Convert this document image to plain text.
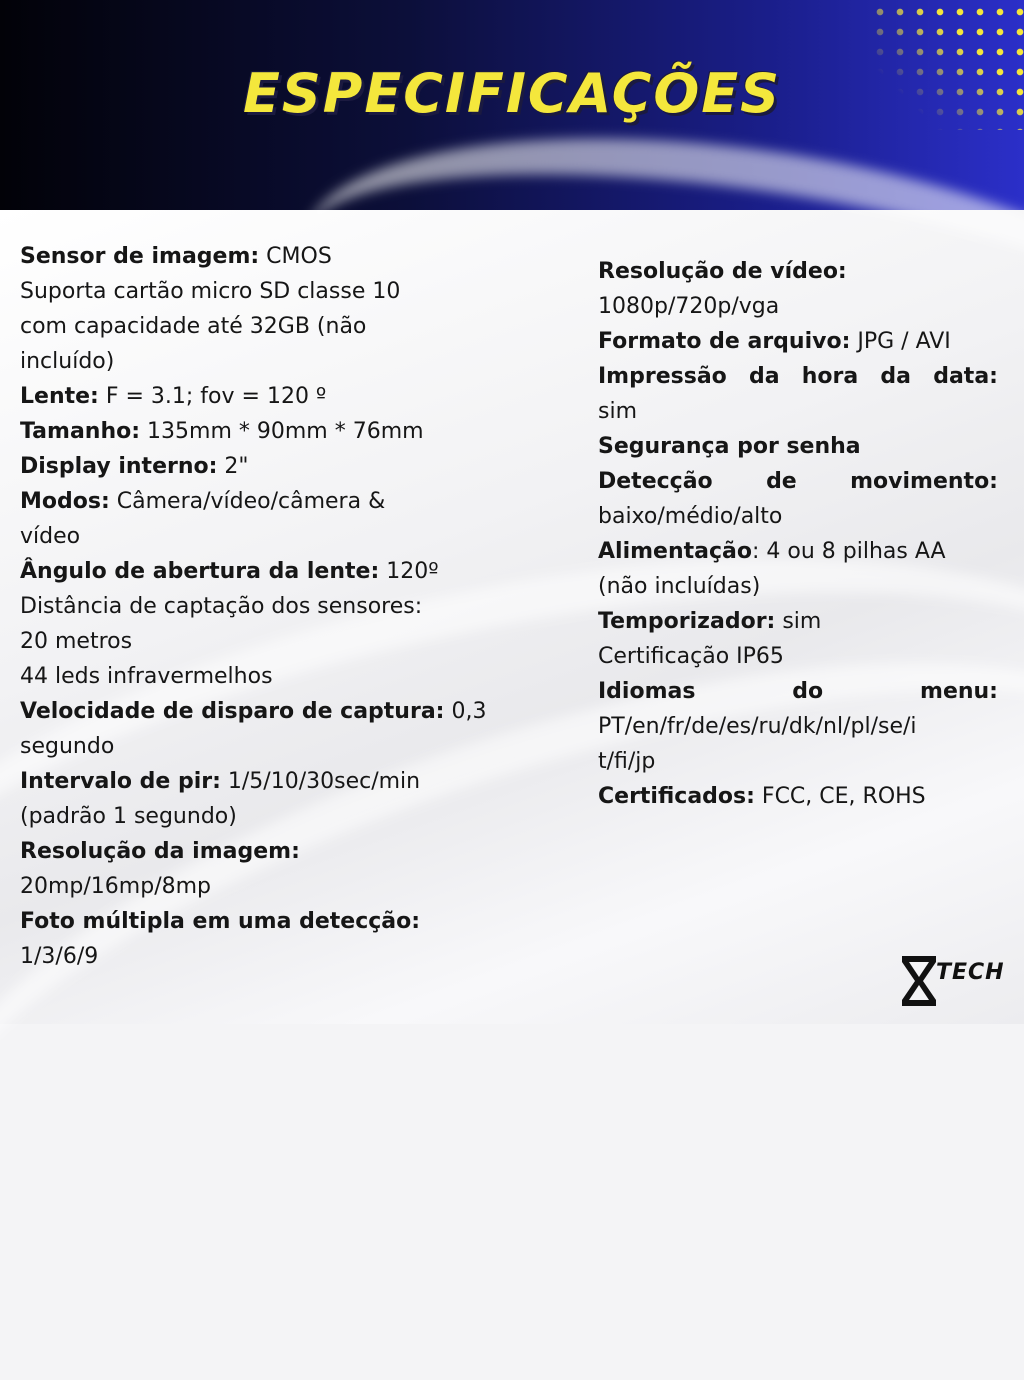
ESPECIFICAÇÕES
Sensor de imagem: CMOS
Suporta cartão micro SD classe 10
com capacidade até 32GB (não
incluído)
Lente: F = 3.1; fov = 120 º
Tamanho: 135mm * 90mm * 76mm
Display interno: 2"
Modos: Câmera/vídeo/câmera &
vídeo
Ângulo de abertura da lente: 120º
Distância de captação dos sensores:
20 metros
44 leds infravermelhos
Velocidade de disparo de captura: 0,3
segundo
Intervalo de pir: 1/5/10/30sec/min
(padrão 1 segundo)
Resolução da imagem:
20mp/16mp/8mp
Foto múltipla em uma detecção:
1/3/6/9
Resolução de vídeo:
1080p/720p/vga
Formato de arquivo: JPG / AVI
Impressão da hora da data:
sim
Segurança por senha
Detecção de movimento:
baixo/médio/alto
Alimentação: 4 ou 8 pilhas AA
(não incluídas)
Temporizador: sim
Certificação IP65
Idiomas	do	menu:
PT/en/fr/de/es/ru/dk/nl/pl/se/i
t/fi/jp
Certificados: FCC, CE, ROHS
TECH
